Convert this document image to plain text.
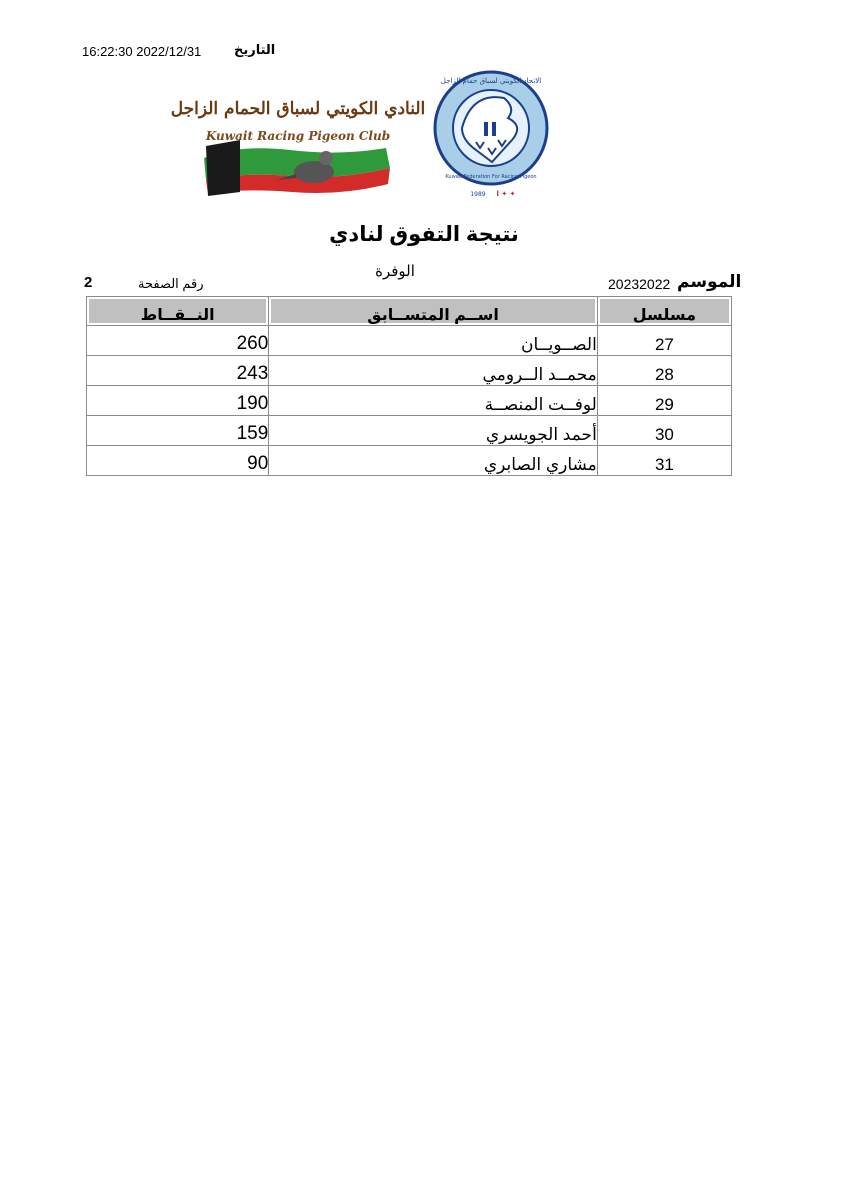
التاريخ
16:22:30 2022/12/31
النادي الكويتي لسباق الحمام الزاجل
Kuwait Racing Pigeon Club
الاتحاد الكويتي لسباق حمام الزاجل
Kuwait Federation For Racing Pigeon
1989 ا ✦ ✦
نتيجة التفوق لنادي
الوفرة
الموسم
20232022
رقم الصفحة
2
مسلسل	اســم المتســابق	النــقــاط
27	الصــويــان	260
28	محمــد الــرومي	243
29	لوفــت المنصــة	190
30	أحمد الجويسري	159
31	مشاري الصابري	90
